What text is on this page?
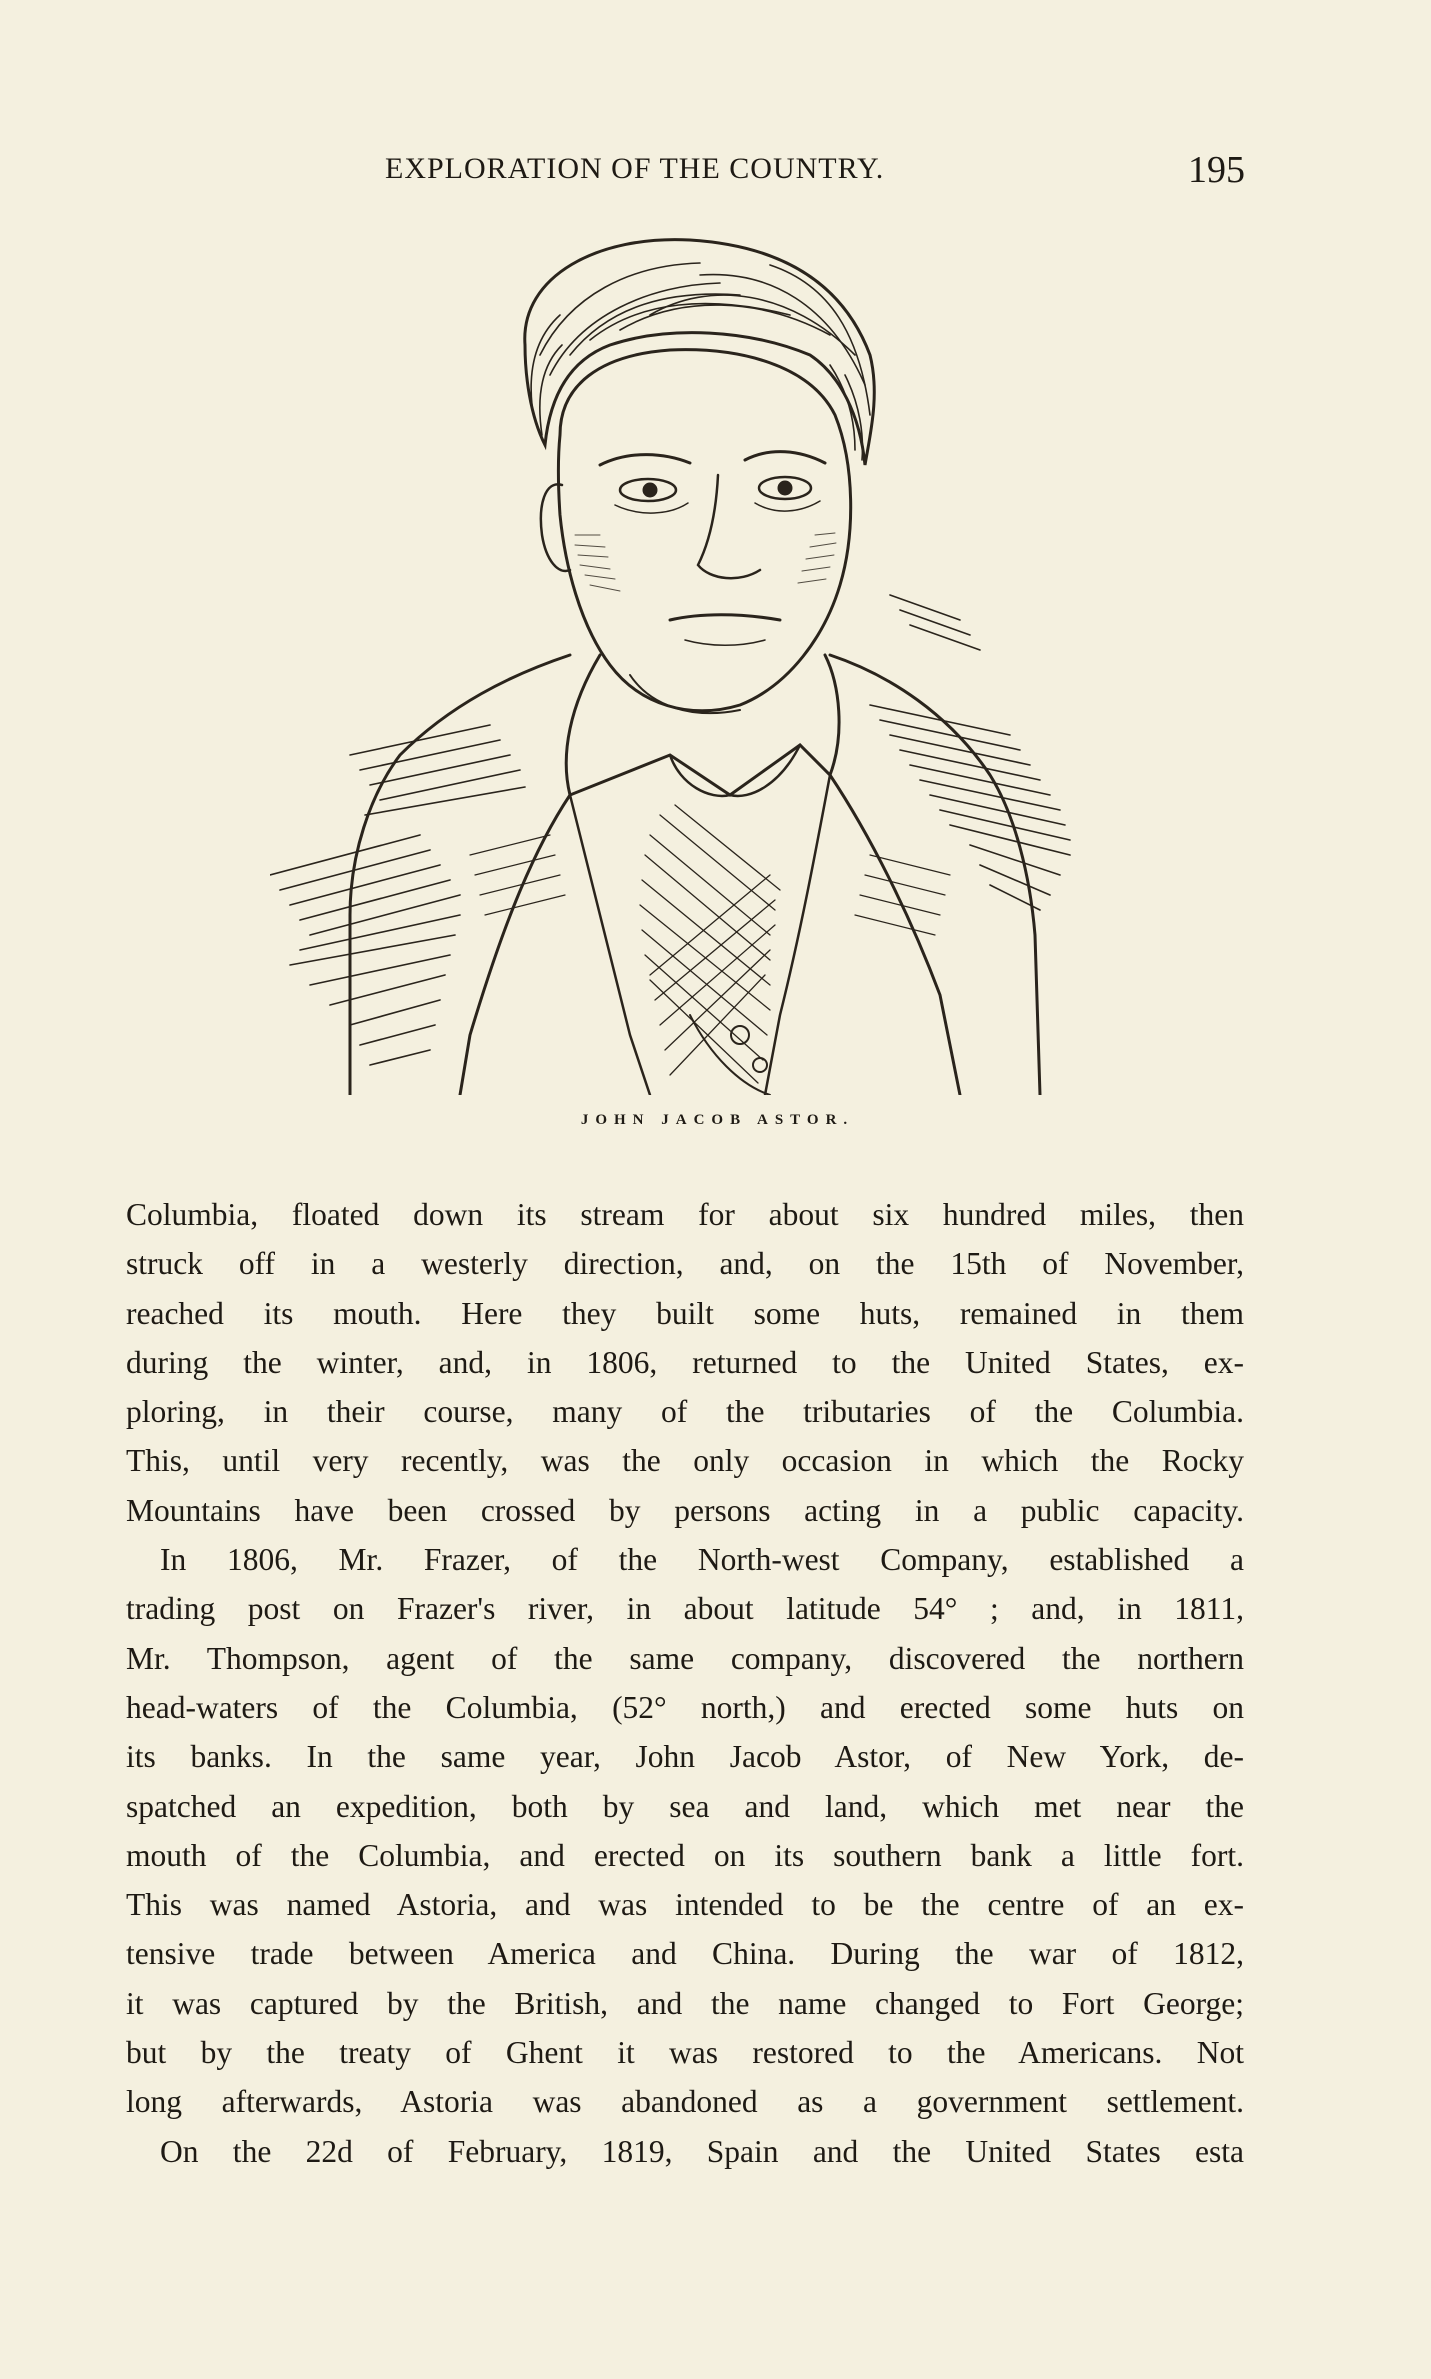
EXPLORATION OF THE COUNTRY.	195
JOHN JACOB ASTOR.
Columbia, floated down its stream for about six hundred miles, then
struck off in a westerly direction, and, on the 15th of November,
reached its mouth. Here they built some huts, remained in them
during the winter, and, in 1806, returned to the United States, ex-
ploring, in their course, many of the tributaries of the Columbia.
This, until very recently, was the only occasion in which the Rocky
Mountains have been crossed by persons acting in a public capacity.
In 1806, Mr. Frazer, of the North-west Company, established a
trading post on Frazer's river, in about latitude 54° ; and, in 1811,
Mr. Thompson, agent of the same company, discovered the northern
head-waters of the Columbia, (52° north,) and erected some huts on
its banks. In the same year, John Jacob Astor, of New York, de-
spatched an expedition, both by sea and land, which met near the
mouth of the Columbia, and erected on its southern bank a little fort.
This was named Astoria, and was intended to be the centre of an ex-
tensive trade between America and China. During the war of 1812,
it was captured by the British, and the name changed to Fort George;
but by the treaty of Ghent it was restored to the Americans. Not
long afterwards, Astoria was abandoned as a government settlement.
On the 22d of February, 1819, Spain and the United States esta
